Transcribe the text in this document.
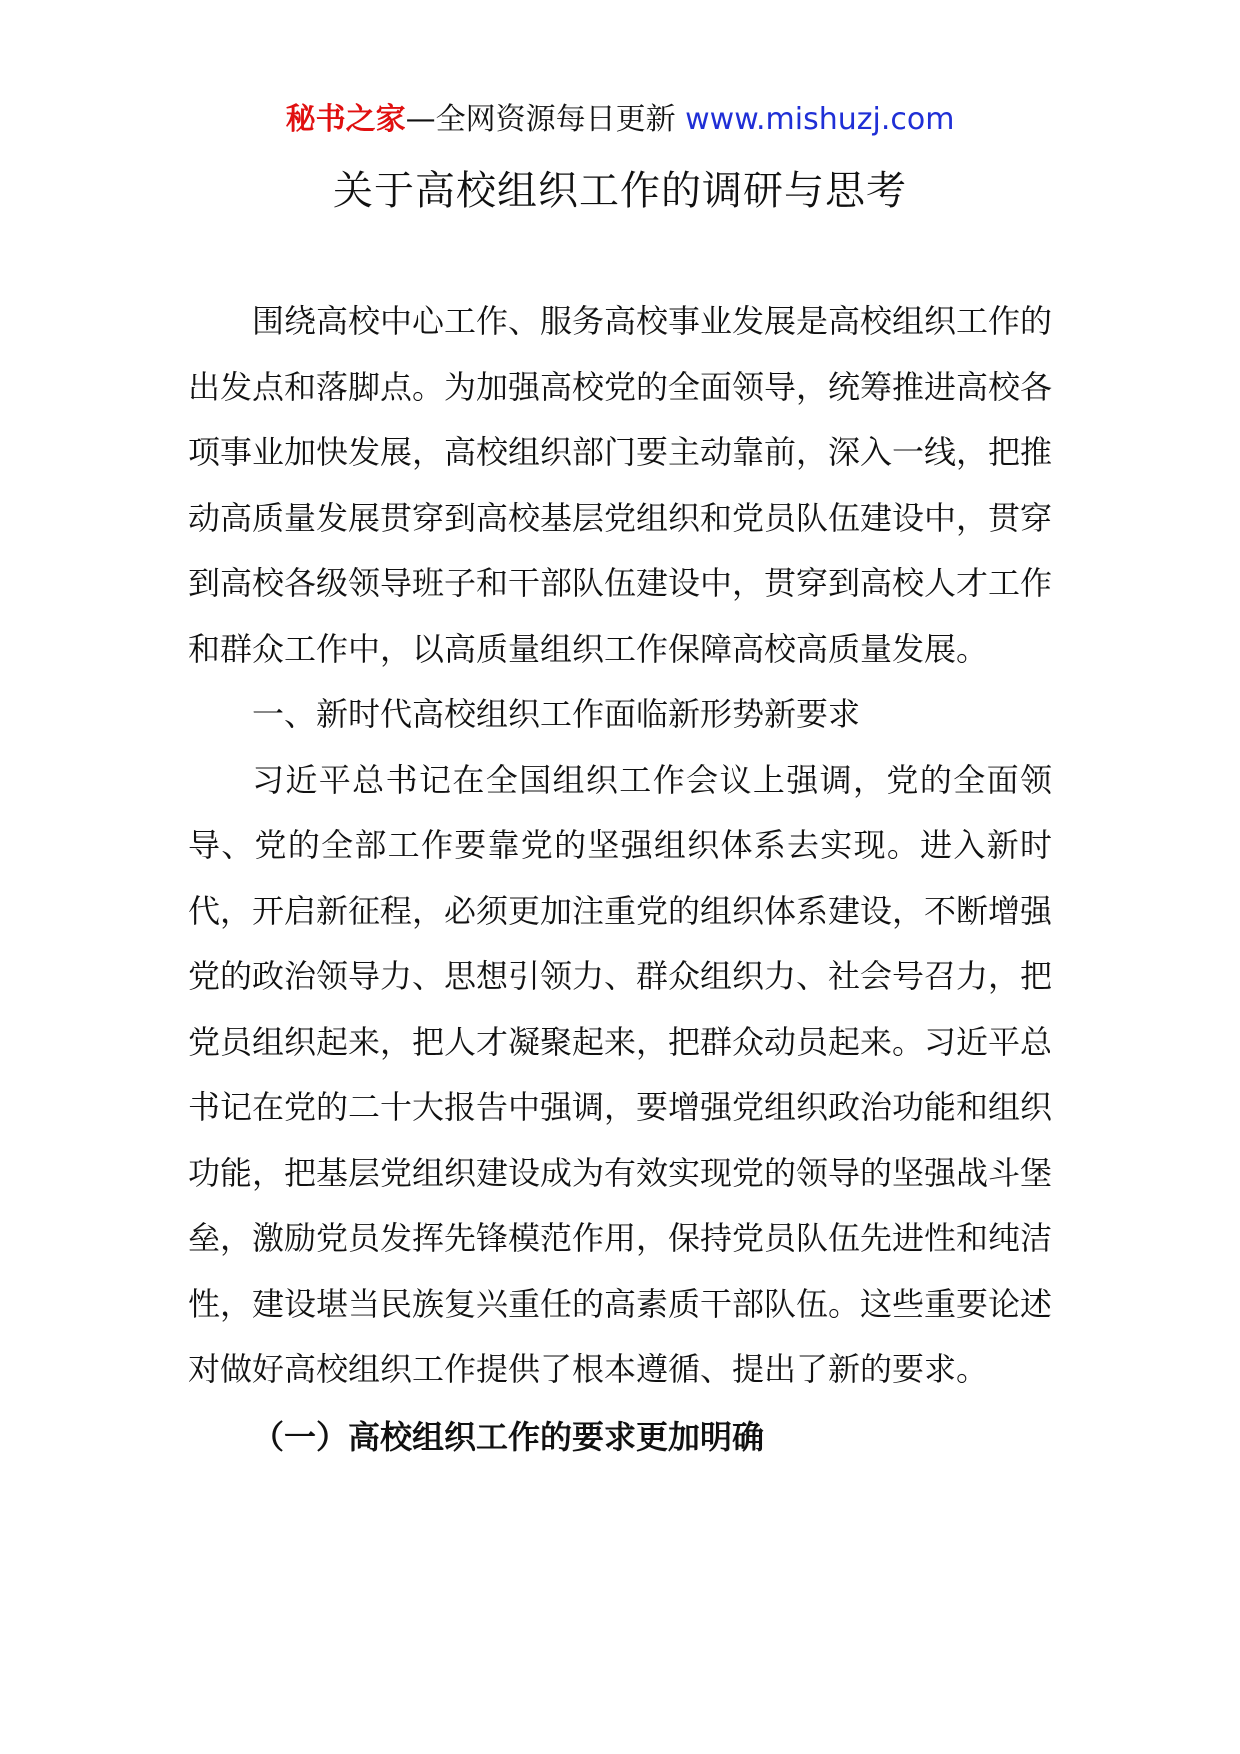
秘书之家—全网资源每日更新 www.mishuzj.com
关于高校组织工作的调研与思考

围绕高校中心工作、服务高校事业发展是高校组织工作的出发点和落脚点。为加强高校党的全面领导，统筹推进高校各项事业加快发展，高校组织部门要主动靠前，深入一线，把推动高质量发展贯穿到高校基层党组织和党员队伍建设中，贯穿到高校各级领导班子和干部队伍建设中，贯穿到高校人才工作和群众工作中，以高质量组织工作保障高校高质量发展。

一、新时代高校组织工作面临新形势新要求

习近平总书记在全国组织工作会议上强调，党的全面领导、党的全部工作要靠党的坚强组织体系去实现。进入新时代，开启新征程，必须更加注重党的组织体系建设，不断增强党的政治领导力、思想引领力、群众组织力、社会号召力，把党员组织起来，把人才凝聚起来，把群众动员起来。习近平总书记在党的二十大报告中强调，要增强党组织政治功能和组织功能，把基层党组织建设成为有效实现党的领导的坚强战斗堡垒，激励党员发挥先锋模范作用，保持党员队伍先进性和纯洁性，建设堪当民族复兴重任的高素质干部队伍。这些重要论述对做好高校组织工作提供了根本遵循、提出了新的要求。

（一）高校组织工作的要求更加明确
